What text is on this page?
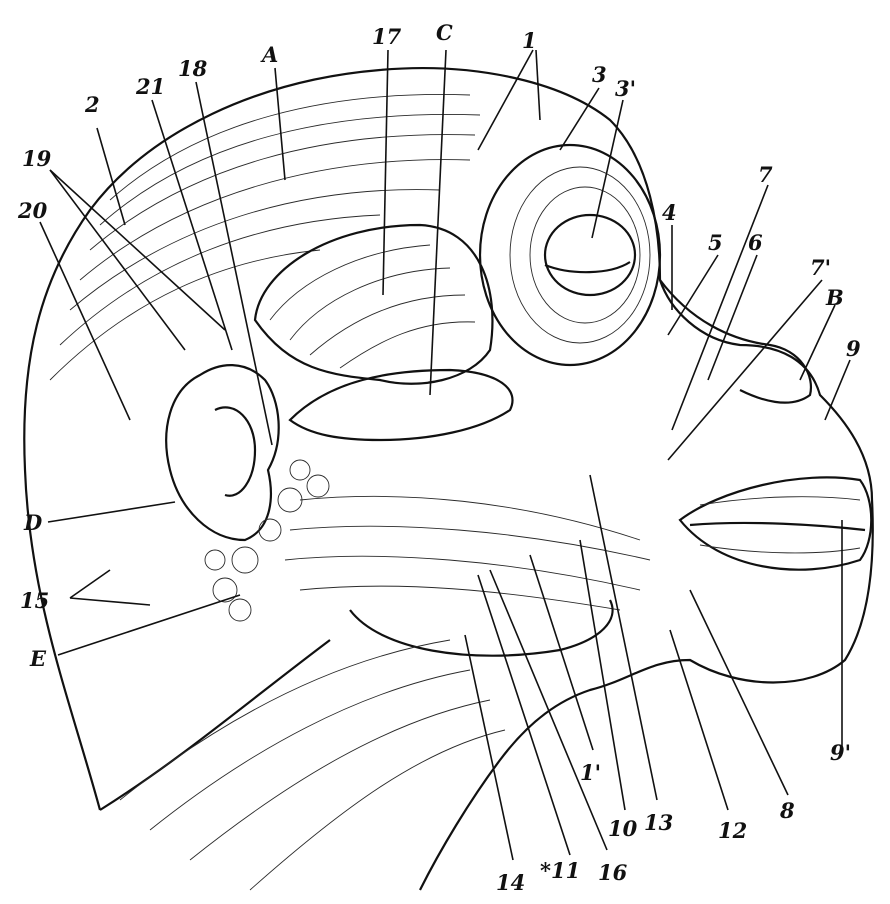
1
2
3
3'
4
5 6
7
7'
B
9
9'
8
12
13
10
1'
16
*11
14
17 C
A
18
21
19
20
D
15
E
